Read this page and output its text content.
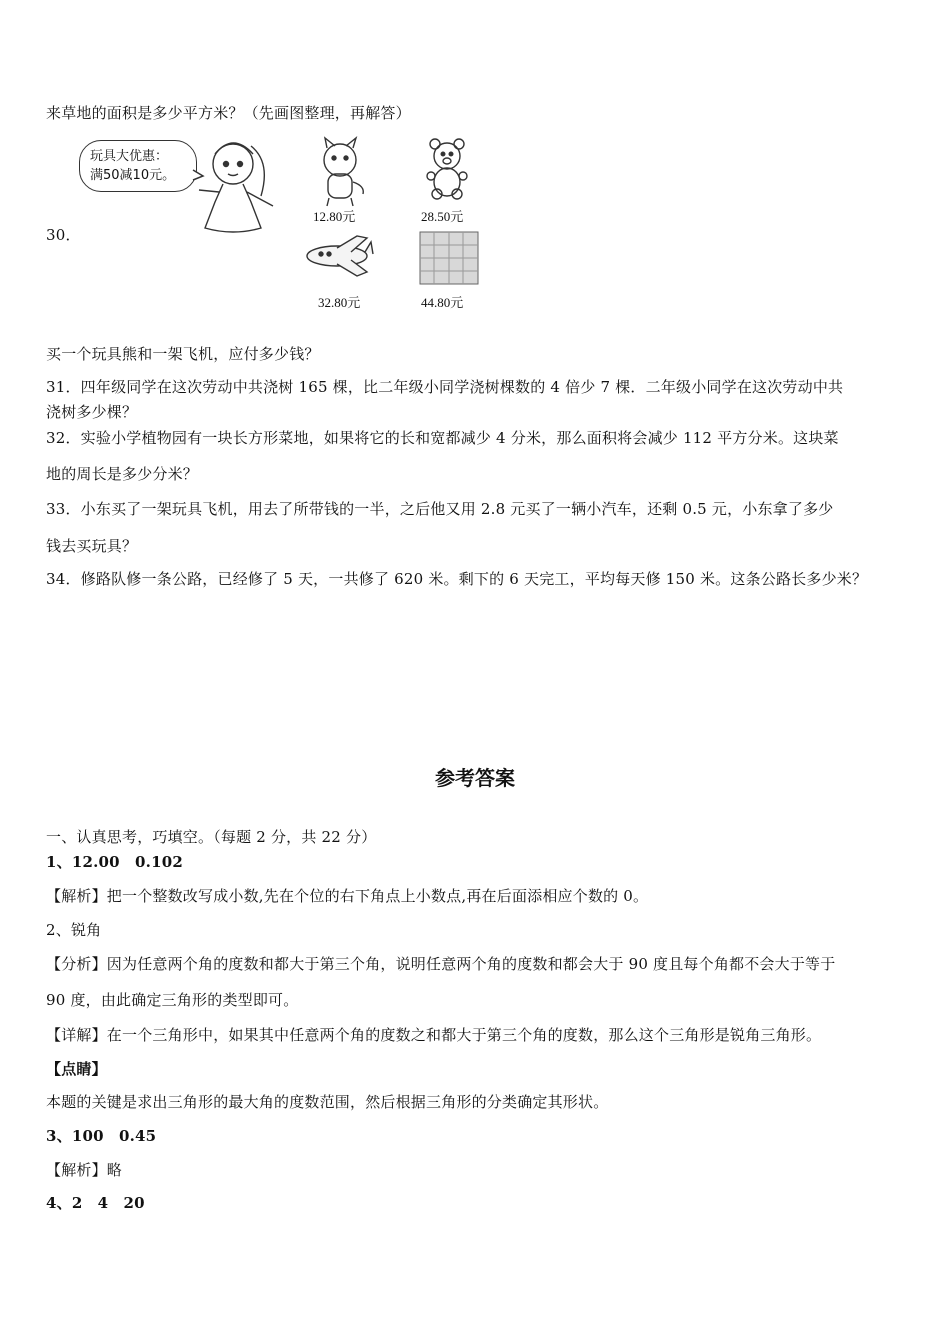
来草地的面积是多少平方米？（先画图整理，再解答）
30．
玩具大优惠：
满50减10元。
12.80元	28.50元
32.80元	44.80元
买一个玩具熊和一架飞机，应付多少钱？
31．四年级同学在这次劳动中共浇树 165 棵，比二年级小同学浇树棵数的 4 倍少 7 棵．二年级小同学在这次劳动中共
浇树多少棵？
32．实验小学植物园有一块长方形菜地，如果将它的长和宽都减少 4 分米，那么面积将会减少 112 平方分米。这块菜
地的周长是多少分米？
33．小东买了一架玩具飞机，用去了所带钱的一半，之后他又用 2.8 元买了一辆小汽车，还剩 0.5 元，小东拿了多少
钱去买玩具？
34．修路队修一条公路，已经修了 5 天，一共修了 620 米。剩下的 6 天完工，平均每天修 150 米。这条公路长多少米？
参考答案
一、认真思考，巧填空。（每题 2 分，共 22 分）
1、12.00　0.102
【解析】把一个整数改写成小数,先在个位的右下角点上小数点,再在后面添相应个数的 0。
2、锐角
【分析】因为任意两个角的度数和都大于第三个角，说明任意两个角的度数和都会大于 90 度且每个角都不会大于等于
90 度，由此确定三角形的类型即可。
【详解】在一个三角形中，如果其中任意两个角的度数之和都大于第三个角的度数，那么这个三角形是锐角三角形。
【点睛】
本题的关键是求出三角形的最大角的度数范围，然后根据三角形的分类确定其形状。
3、100　0.45
【解析】略
4、2　4　20
